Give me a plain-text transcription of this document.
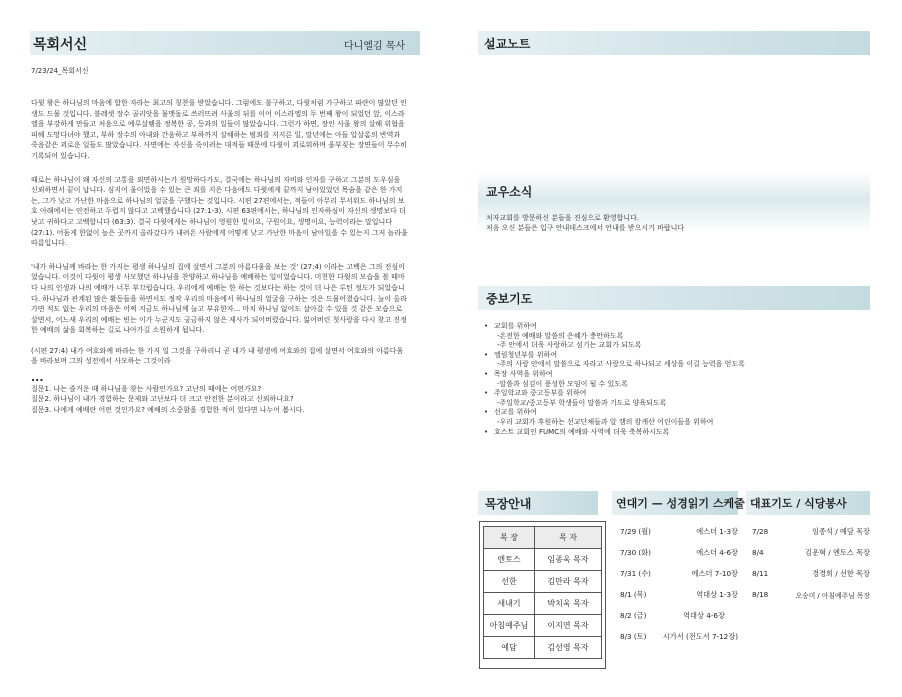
목회서신	다니엘김 목사
7/23/24_목회서신

다윗 왕은 하나님의 마음에 합한 자라는 최고의 칭찬을 받았습니다. 그럼에도 불구하고, 다윗처럼 가구하고 파란이 많았던 인생도 드물 것입니다. 블레셋 장수 골리앗을 물맷돌로 쓰러뜨려 사울의 뒤를 이어 이스라엘의 두 번째 왕이 되었던 앞, 이스라엘을 부강하게 만들고 처음으로 예루살렘을 정복한 공, 등과의 일들이 많았습니다. 그런가 하면, 장인 사울 왕의 살해 위협을 피해 도망다녀야 했고, 부하 장수의 아내와 간음하고 부하까지 살해하는 범죄를 저지른 일, 말년에는 아들 압살롬의 반역과 죽음같은 괴로운 일들도 많았습니다. 사면에는 자신을 죽이려는 대적들 때문에 다윗이 괴로워하며 울부짖는 장면들이 무수히 기록되어 있습니다.

때로는 하나님이 왜 자신의 고통을 외면하시는가 원망하다가도, 결국에는 하나님의 자비와 인자를 구하고 그분의 도우심을 신뢰하면서 끝이 납니다. 심지어 울이었을 수 있는 큰 죄를 지은 다음에도 다윗에게 끝까지 남아있었던 목숨을 같은 한 가지는, 그가 낮고 가난한 마음으로 하나님의 얼굴을 구했다는 것입니다. 시편 27편에서는, 적들이 아무리 무서워도 하나님의 보호 아래에서는 안전하고 두렵지 않다고 고백했습니다 (27:1-3). 시편 63편에서는, 하나님의 인자하심이 자신의 생명보다 더 낫고 귀하다고 고백합니다 (63:3). 결국 다윗에게는 하나님이 영원한 빛이요, 구원이요, 생명이요, 능력이라는 말입니다 (27:1). 어둠게 한없이 높은 곳까지 올라갔다가 내려온 사람에게 어떻게 낮고 가난한 마음이 남아있을 수 있는지 그저 놀라울 따름입니다.

'내가 하나님께 바라는 한 가지는 평생 하나님의 집에 살면서 그분의 아름다움을 보는 것' (27:4) 이라는 고백은 그의 진심이었습니다. 이것이 다윗이 평생 사모했던 하나님을 찬양하고 하나님을 예배하는 일이었습니다. 미천한 다윗의 모습을 볼 때마다 나의 인생과 나의 예배가 너무 부끄럽습니다. 우리에게 예배는 한 하는 것보다는 하는 것이 더 나은 루틴 정도가 되었습니다. 하나님과 관계된 많은 활동들을 하면서도 정작 우리의 마음에서 하나님의 얼굴을 구하는 것은 드물어졌습니다. 늘이 올라가면 적도 없는 우리의 마음은 어찌 지금도 하나님께 늘고 부유한자... 마치 하나님 없어도 살아갈 수 있을 것 같은 모습으로 살면서, 어느새 우리의 예배는 빈는 이가 누군지도 궁금하지 않은 제사가 되어버렸습니다. 잃어버린 첫사랑을 다시 찾고 진정한 예배의 삶을 회복하는 길로 나아가길 소원하게 됩니다.

(시편 27:4) 내가 여호와께 바라는 한 가지 일 그것을 구하리니 곧 내가 내 평생에 여호와의 집에 살면서 여호와의 아름다움을 바라보며 그의 성전에서 사모하는 그것이라

...

질문1. 나는 즐거운 때 하나님을 찾는 사람인가요? 고난의 때에는 어떤가요?

질문2. 하나님이 내가 경험하는 문제와 고난보다 더 크고 안전한 분이라고 신뢰하나요?

질문3. 나에게 예배란 어떤 것인가요? 예배의 소중함을 경험한 적이 있다면 나누어 봅시다.

목장안내
목 장	목 자
엔토스	임종욱 목자
선한	김만라 목자
새내기	박치욱 목자
아침예주님	이지연 목자
예담	김선영 목자
설교노트
교우소식
처자교회를 방문하신 분들을 진심으로 환영합니다.
처음 오신 분들은 입구 안내데스크에서 안내를 받으시기 바랍니다
중보기도
• 교회를 위하여
-온전한 예배와 말씀의 은혜가 충만하도록
-주 안에서 더욱 사랑하고 섬기는 교회가 되도록
• 엘림청년부를 위하여
-주의 사랑 안에서 말씀으로 자라고 사랑으로 하나되고 세상을 이길 능력을 얻도록
• 목장 사역을 위하여
-말씀과 섬김이 풍성한 모임이 될 수 있도록
• 주일학교와 중고등부를 위하여
-주일학교/중고등부 학생들이 말씀과 기도로 양육되도록
• 선교를 위하여
-우리 교회가 후원하는 선교단체들과 알 캠의 캄캐산 어린이들을 위하여
• 호스트 교회인 FUMC의 예배와 사역에 더욱 축복하시도록
연대기 — 성경읽기 스케줄
7/29 (월)	에스더 1-3장
7/30 (화)	에스더 4-6장
7/31 (수)	에스더 7-10장
8/1 (목)	역대상 1-3장
8/2 (금)	역대상 4-6장
8/3 (토)	시가서 (전도서 7-12장)
대표기도 / 식당봉사
7/28	임종석 / 예담 목장
8/4	김운혁 / 엔토스 목장
8/11	경경희 / 선한 목장
8/18	오승미 / 아침예주님 목장
